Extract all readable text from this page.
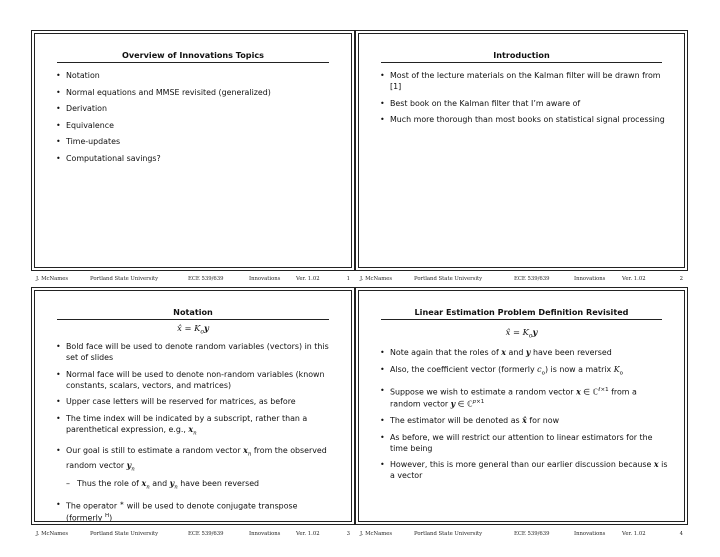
Overview of Innovations Topics
• Notation
• Normal equations and MMSE revisited (generalized)
• Derivation
• Equivalence
• Time-updates
• Computational savings?
Introduction
• Most of the lecture materials on the Kalman filter will be drawn from [1]
• Best book on the Kalman filter that I’m aware of
• Much more thorough than most books on statistical signal processing
Notation
x̂ = $K_oy$
• Bold face will be used to denote random variables (vectors) in this set of slides
• Normal face will be used to denote non-random variables (known constants, scalars, vectors, and matrices)
• Upper case letters will be reserved for matrices, as before
• The time index will be indicated by a subscript, rather than a parenthetical expression, e.g., $x_n$
• Our goal is still to estimate a random vector $x_n$ from the observed random vector $y_n$
– Thus the role of $x_n$ and $y_n$ have been reversed
• The operator ∗ will be used to denote conjugate transpose (formerly $^H$)
Linear Estimation Problem Definition Revisited
x̂ = $K_oy$
• Note again that the roles of x and y have been reversed
• Also, the coefficient vector (formerly $c_o$) is now a matrix $K_o$
• Suppose we wish to estimate a random vector x ∈ ℂ$^{\ell\times 1}$ from a random vector y ∈ ℂ$^{p\times 1}$
• The estimator will be denoted as x̂ for now
• As before, we will restrict our attention to linear estimators for the time being
• However, this is more general than our earlier discussion because x is a vector
J. McNames	Portland State University	ECE 539/639	Innovations	Ver. 1.02	1 J. McNames	Portland State University	ECE 539/639	Innovations	Ver. 1.02	2
J. McNames	Portland State University	ECE 539/639	Innovations	Ver. 1.02	3 J. McNames	Portland State University	ECE 539/639	Innovations	Ver. 1.02	4
